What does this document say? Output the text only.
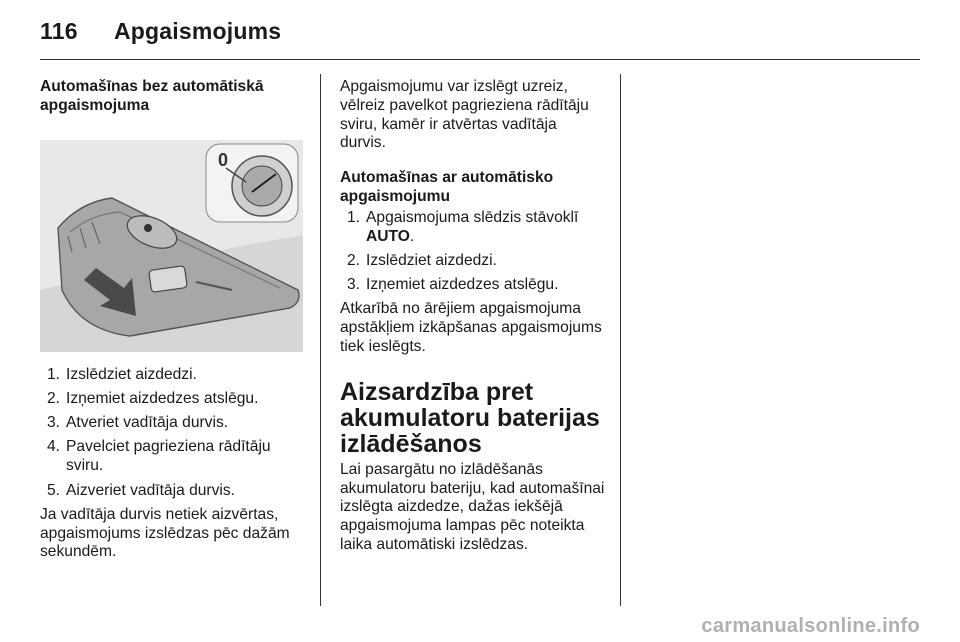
116 Apgaismojums

Automašīnas bez automātiskā apgaismojuma

0
1. Izslēdziet aizdedzi.
2. Izņemiet aizdedzes atslēgu.
3. Atveriet vadītāja durvis.
4. Pavelciet pagrieziena rādītāju sviru.
5. Aizveriet vadītāja durvis.

Ja vadītāja durvis netiek aizvērtas, apgaismojums izslēdzas pēc dažām sekundēm.

Apgaismojumu var izslēgt uzreiz, vēlreiz pavelkot pagrieziena rādītāju sviru, kamēr ir atvērtas vadītāja durvis.

Automašīnas ar automātisko apgaismojumu

1. Apgaismojuma slēdzis stāvoklī AUTO.
2. Izslēdziet aizdedzi.
3. Izņemiet aizdedzes atslēgu.

Atkarībā no ārējiem apgaismojuma apstākļiem izkāpšanas apgaismojums tiek ieslēgts.

Aizsardzība pret akumulatoru baterijas izlādēšanos

Lai pasargātu no izlādēšanās akumulatoru bateriju, kad automašīnai izslēgta aizdedze, dažas iekšējā apgaismojuma lampas pēc noteikta laika automātiski izslēdzas.

carmanualsonline.info
